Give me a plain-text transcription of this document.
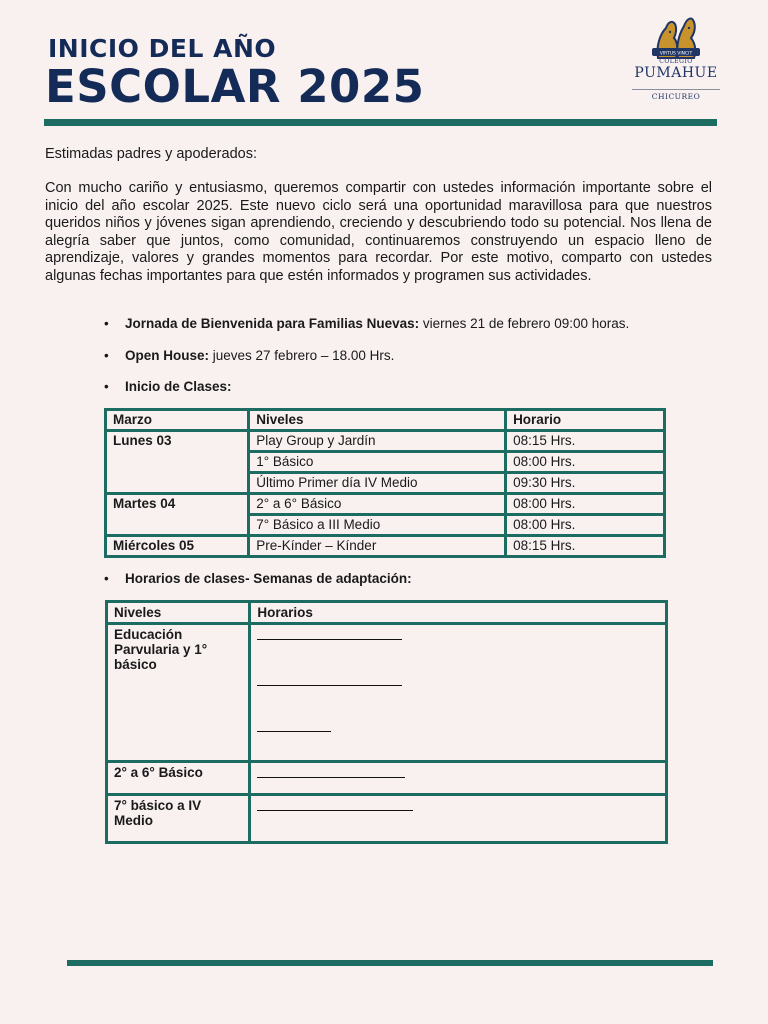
INICIO DEL AÑO
ESCOLAR 2025
VIRTUS VINCIT
COLEGIO
PUMAHUE
CHICUREO
Estimadas padres y apoderados:
Con mucho cariño y entusiasmo, queremos compartir con ustedes información importante sobre el inicio del año escolar 2025. Este nuevo ciclo será una oportunidad maravillosa para que nuestros queridos niños y jóvenes sigan aprendiendo, creciendo y descubriendo todo su potencial. Nos llena de alegría saber que juntos, como comunidad, continuaremos construyendo un espacio lleno de aprendizaje, valores y grandes momentos para recordar. Por este motivo, comparto con ustedes algunas fechas importantes para que estén informados y programen sus actividades.
• Jornada de Bienvenida para Familias Nuevas: viernes 21 de febrero 09:00 horas.
• Open House: jueves 27 febrero – 18.00 Hrs.
• Inicio de Clases:
Marzo	Niveles	Horario
Lunes 03	Play Group y Jardín	08:15 Hrs.
	1° Básico	08:00 Hrs.
	Último Primer día IV Medio	09:30 Hrs.
Martes 04	2° a 6° Básico	08:00 Hrs.
	7° Básico a III Medio	08:00 Hrs.
Miércoles 05	Pre-Kínder – Kínder	08:15 Hrs.
• Horarios de clases- Semanas de adaptación:
Niveles	Horarios
Educación Parvularia y 1° básico	

2° a 6° Básico	

7° básico a IV Medio	
